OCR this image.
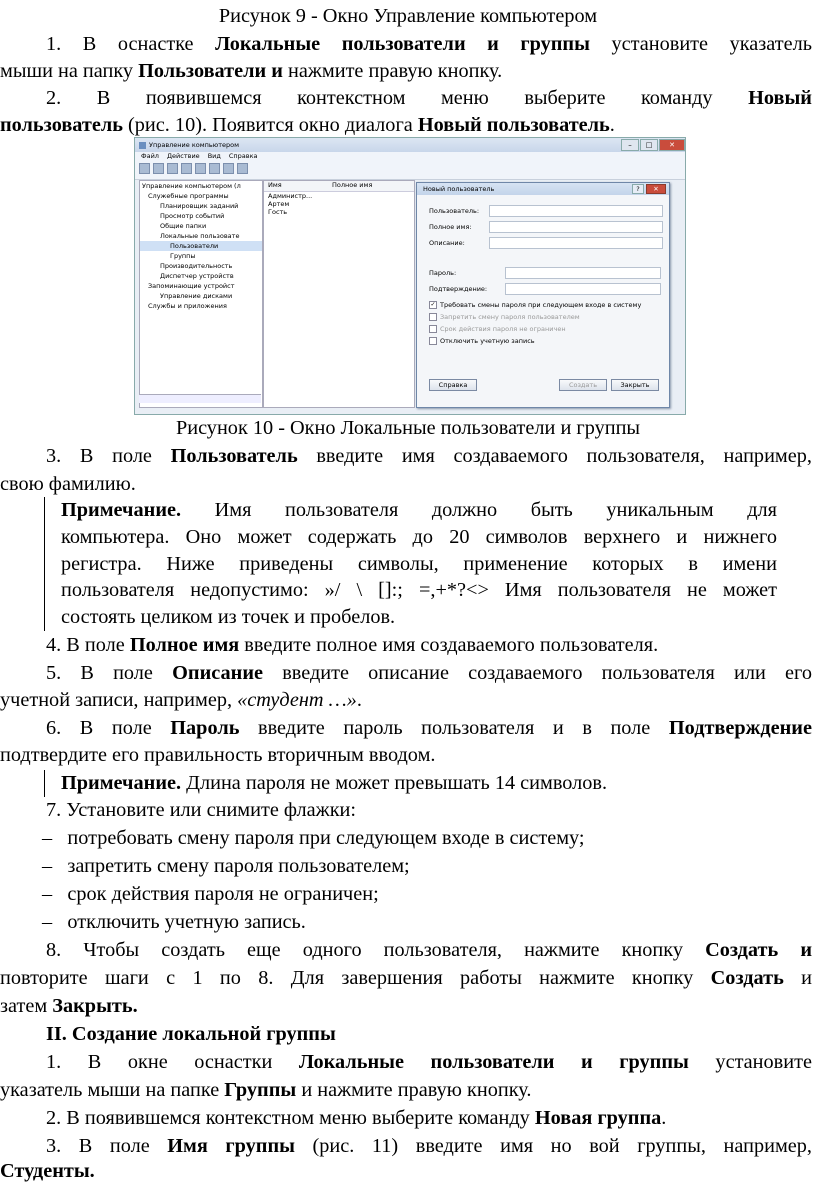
Рисунок 9 - Окно Управление компьютером
1. В оснастке Локальные пользователи и группы установите указатель
мыши на папку Пользователи и нажмите правую кнопку.
2. В появившемся контекстном меню выберите команду Новый
пользователь (рис. 10). Появится окно диалога Новый пользователь.
Управление компьютером	–	□	✕
Файл Действие Вид Справка
Управление компьютером (л
Служебные программы
Планировщик заданий
Просмотр событий
Общие папки
Локальные пользовате
Пользователи
Группы
Производительность
Диспетчер устройств
Запоминающие устройст
Управление дисками
Службы и приложения
Имя	Полное имя
Администр...
Артем
Гость
Новый пользователь	?	✕
Пользователь:
Полное имя:
Описание:
Пароль:
Подтверждение:
✓ Требовать смены пароля при следующем входе в систему
Запретить смену пароля пользователем
Срок действия пароля не ограничен
Отключить учетную запись
Справка	Создать	Закрыть
Рисунок 10 - Окно Локальные пользователи и группы
3. В поле Пользователь введите имя создаваемого пользователя, например,
свою фамилию.
Примечание. Имя пользователя должно быть уникальным для
компьютера. Оно может содержать до 20 символов верхнего и нижнего
регистра. Ниже приведены символы, применение которых в имени
пользователя недопустимо: »/ \ []:; =,+*?<> Имя пользователя не может
состоять целиком из точек и пробелов.
4. В поле Полное имя введите полное имя создаваемого пользователя.
5. В поле Описание введите описание создаваемого пользователя или его
учетной записи, например, «студент …».
6. В поле Пароль введите пароль пользователя и в поле Подтверждение
подтвердите его правильность вторичным вводом.
Примечание. Длина пароля не может превышать 14 символов.
7. Установите или снимите флажки:
– потребовать смену пароля при следующем входе в систему;
– запретить смену пароля пользователем;
– срок действия пароля не ограничен;
– отключить учетную запись.
8. Чтобы создать еще одного пользователя, нажмите кнопку Создать и
повторите шаги с 1 по 8. Для завершения работы нажмите кнопку Создать и
затем Закрыть.
II. Создание локальной группы
1. В окне оснастки Локальные пользователи и группы установите
указатель мыши на папке Группы и нажмите правую кнопку.
2. В появившемся контекстном меню выберите команду Новая группа.
3. В поле Имя группы (рис. 11) введите имя но вой группы, например,
Студенты.
